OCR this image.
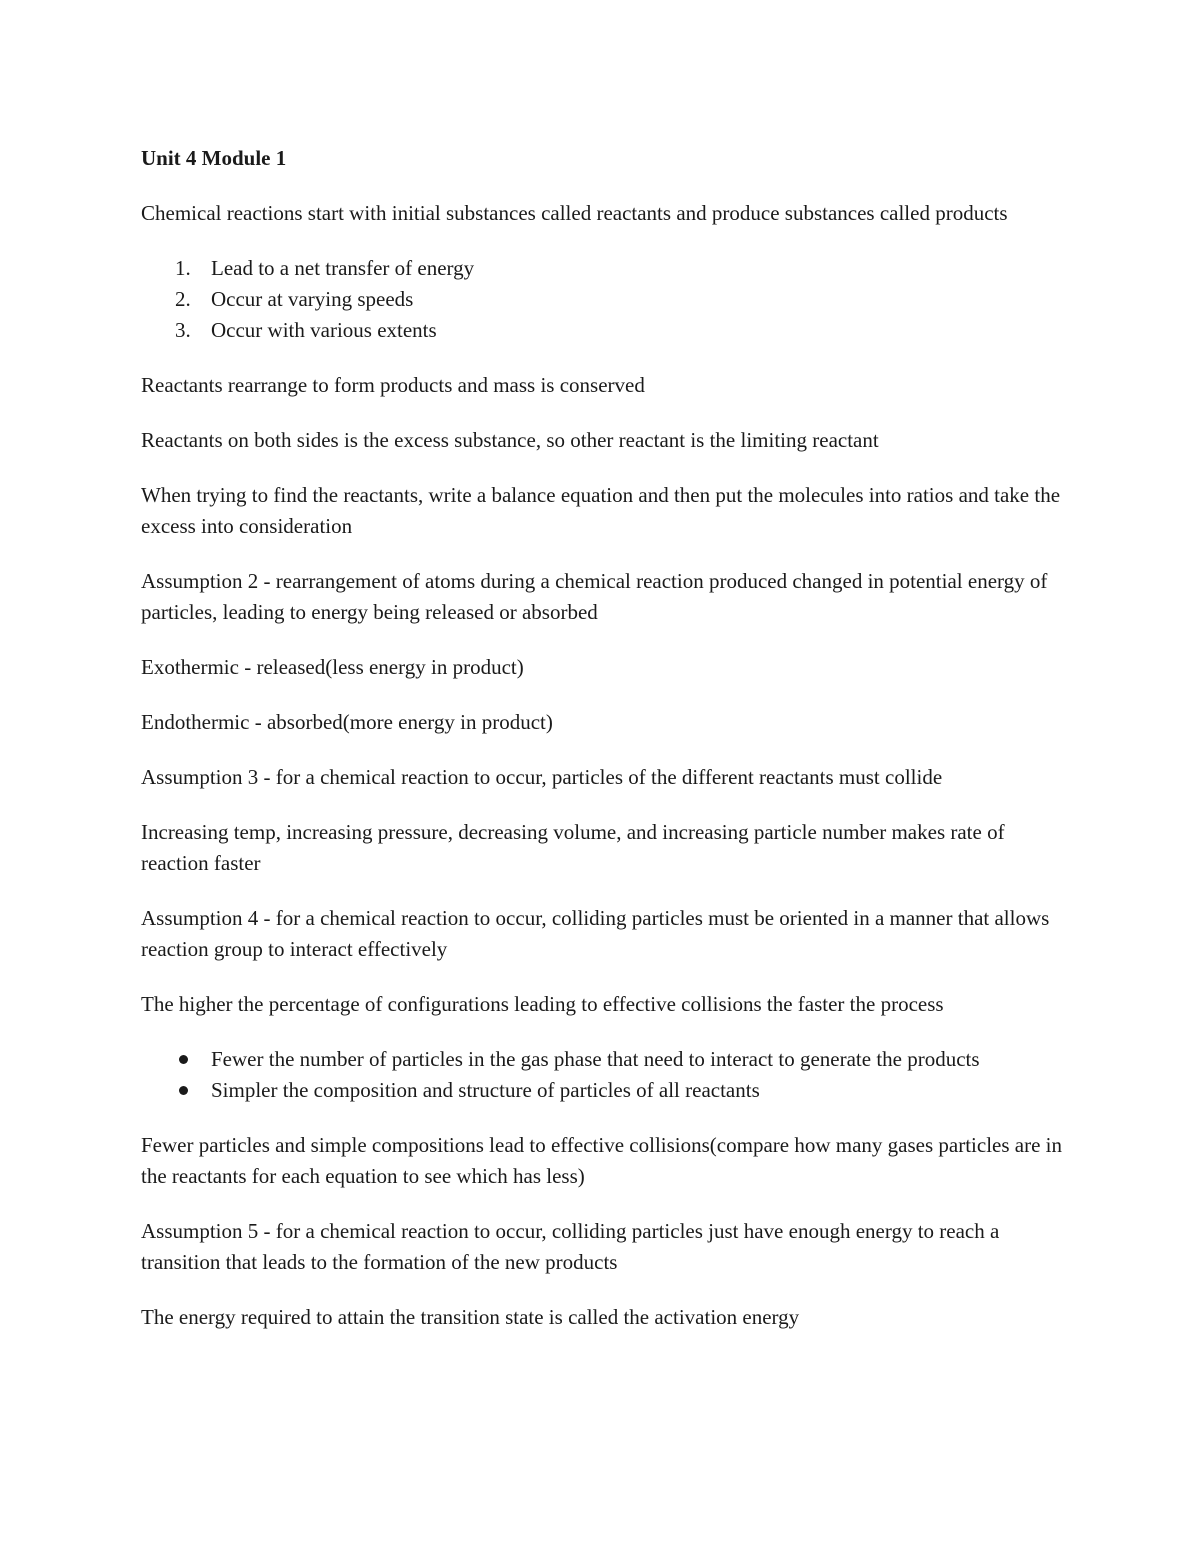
Unit 4 Module 1

Chemical reactions start with initial substances called reactants and produce substances called products

1. Lead to a net transfer of energy
2. Occur at varying speeds
3. Occur with various extents

Reactants rearrange to form products and mass is conserved

Reactants on both sides is the excess substance, so other reactant is the limiting reactant

When trying to find the reactants, write a balance equation and then put the molecules into ratios and take the excess into consideration

Assumption 2 - rearrangement of atoms during a chemical reaction produced changed in potential energy of particles, leading to energy being released or absorbed

Exothermic - released(less energy in product)

Endothermic - absorbed(more energy in product)

Assumption 3 - for a chemical reaction to occur, particles of the different reactants must collide

Increasing temp, increasing pressure, decreasing volume, and increasing particle number makes rate of reaction faster

Assumption 4 - for a chemical reaction to occur, colliding particles must be oriented in a manner that allows reaction group to interact effectively

The higher the percentage of configurations leading to effective collisions the faster the process

Fewer the number of particles in the gas phase that need to interact to generate the products
Simpler the composition and structure of particles of all reactants

Fewer particles and simple compositions lead to effective collisions(compare how many gases particles are in the reactants for each equation to see which has less)

Assumption 5 - for a chemical reaction to occur, colliding particles just have enough energy to reach a transition that leads to the formation of the new products

The energy required to attain the transition state is called the activation energy
